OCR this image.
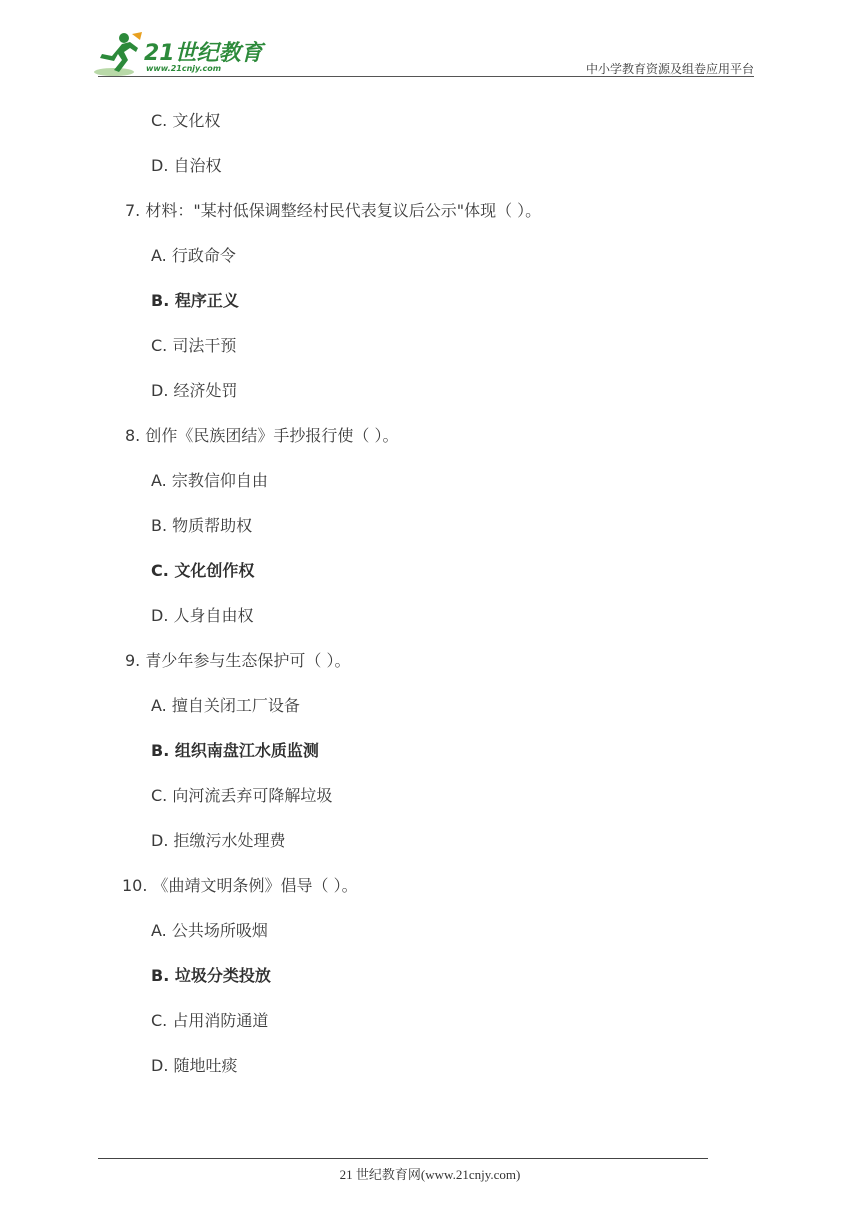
21世纪教育
www.21cnjy.com	中小学教育资源及组卷应用平台
C. 文化权
D. 自治权
7. 材料："某村低保调整经村民代表复议后公示"体现（ ）。
A. 行政命令
B. 程序正义
C. 司法干预
D. 经济处罚
8. 创作《民族团结》手抄报行使（ ）。
A. 宗教信仰自由
B. 物质帮助权
C. 文化创作权
D. 人身自由权
9. 青少年参与生态保护可（ ）。
A. 擅自关闭工厂设备
B. 组织南盘江水质监测
C. 向河流丢弃可降解垃圾
D. 拒缴污水处理费
10. 《曲靖文明条例》倡导（ ）。
A. 公共场所吸烟
B. 垃圾分类投放
C. 占用消防通道
D. 随地吐痰
21 世纪教育网(www.21cnjy.com)
